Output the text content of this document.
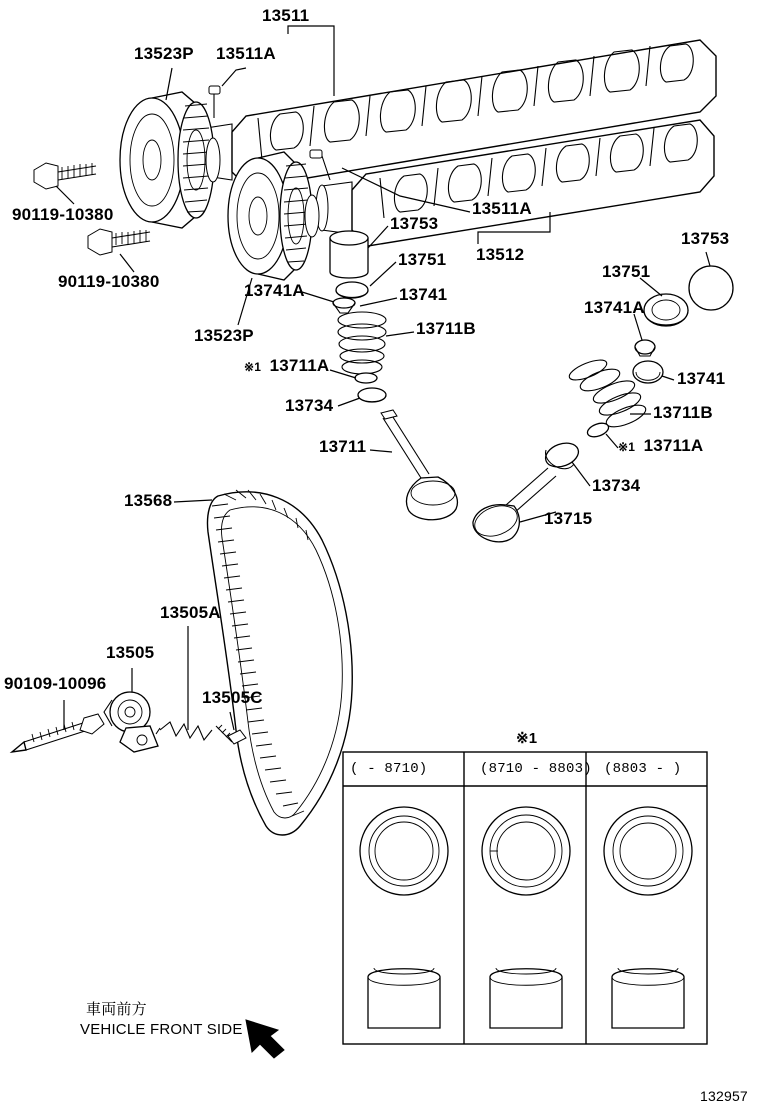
13511
13523P 13511A
90119-10380	13511A
13512
13753
13751
90119-10380	13741A	13741
13523P	13711B
13753
13751
13741A
13741
13711B
13734
13711
13734
13715
13568
13505A
13505
90109-10096
13505C
※1 13711A
※1 13711A
※1
( - 8710)	(8710 - 8803) (8803 - )
車両前方
VEHICLE FRONT SIDE
132957
